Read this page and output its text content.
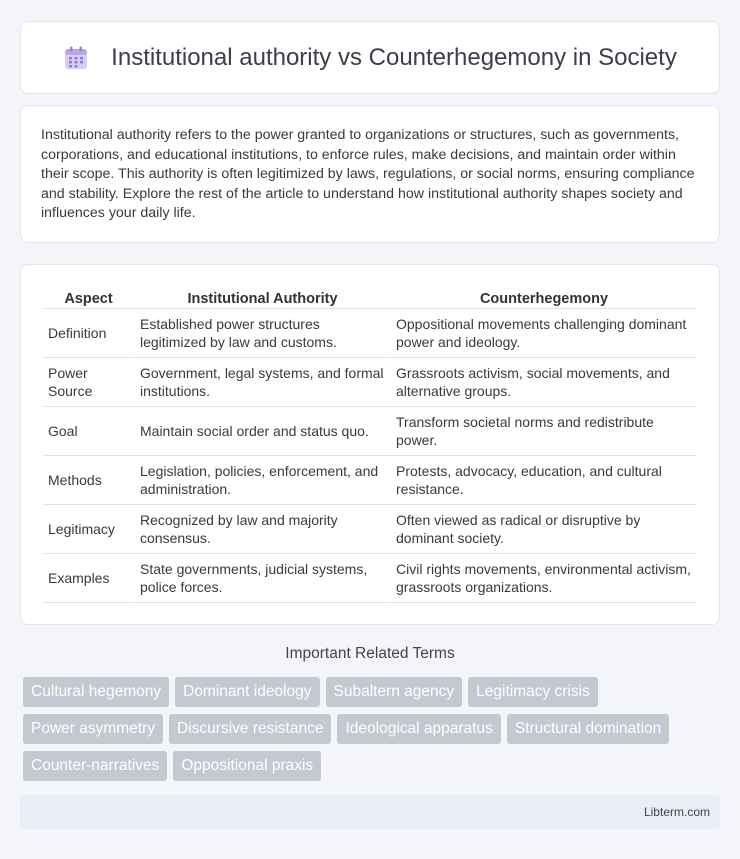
Institutional authority vs Counterhegemony in Society

Institutional authority refers to the power granted to organizations or structures, such as governments, corporations, and educational institutions, to enforce rules, make decisions, and maintain order within their scope. This authority is often legitimized by laws, regulations, or social norms, ensuring compliance and stability. Explore the rest of the article to understand how institutional authority shapes society and influences your daily life.

Aspect	Institutional Authority	Counterhegemony
Definition	Established power structures legitimized by law and customs.	Oppositional movements challenging dominant power and ideology.
Power Source	Government, legal systems, and formal institutions.	Grassroots activism, social movements, and alternative groups.
Goal	Maintain social order and status quo.	Transform societal norms and redistribute power.
Methods	Legislation, policies, enforcement, and administration.	Protests, advocacy, education, and cultural resistance.
Legitimacy	Recognized by law and majority consensus.	Often viewed as radical or disruptive by dominant society.
Examples	State governments, judicial systems, police forces.	Civil rights movements, environmental activism, grassroots organizations.
Important Related Terms
Cultural hegemony	Dominant ideology	Subaltern agency	Legitimacy crisis
Power asymmetry	Discursive resistance	Ideological apparatus	Structural domination
Counter-narratives	Oppositional praxis
Libterm.com
